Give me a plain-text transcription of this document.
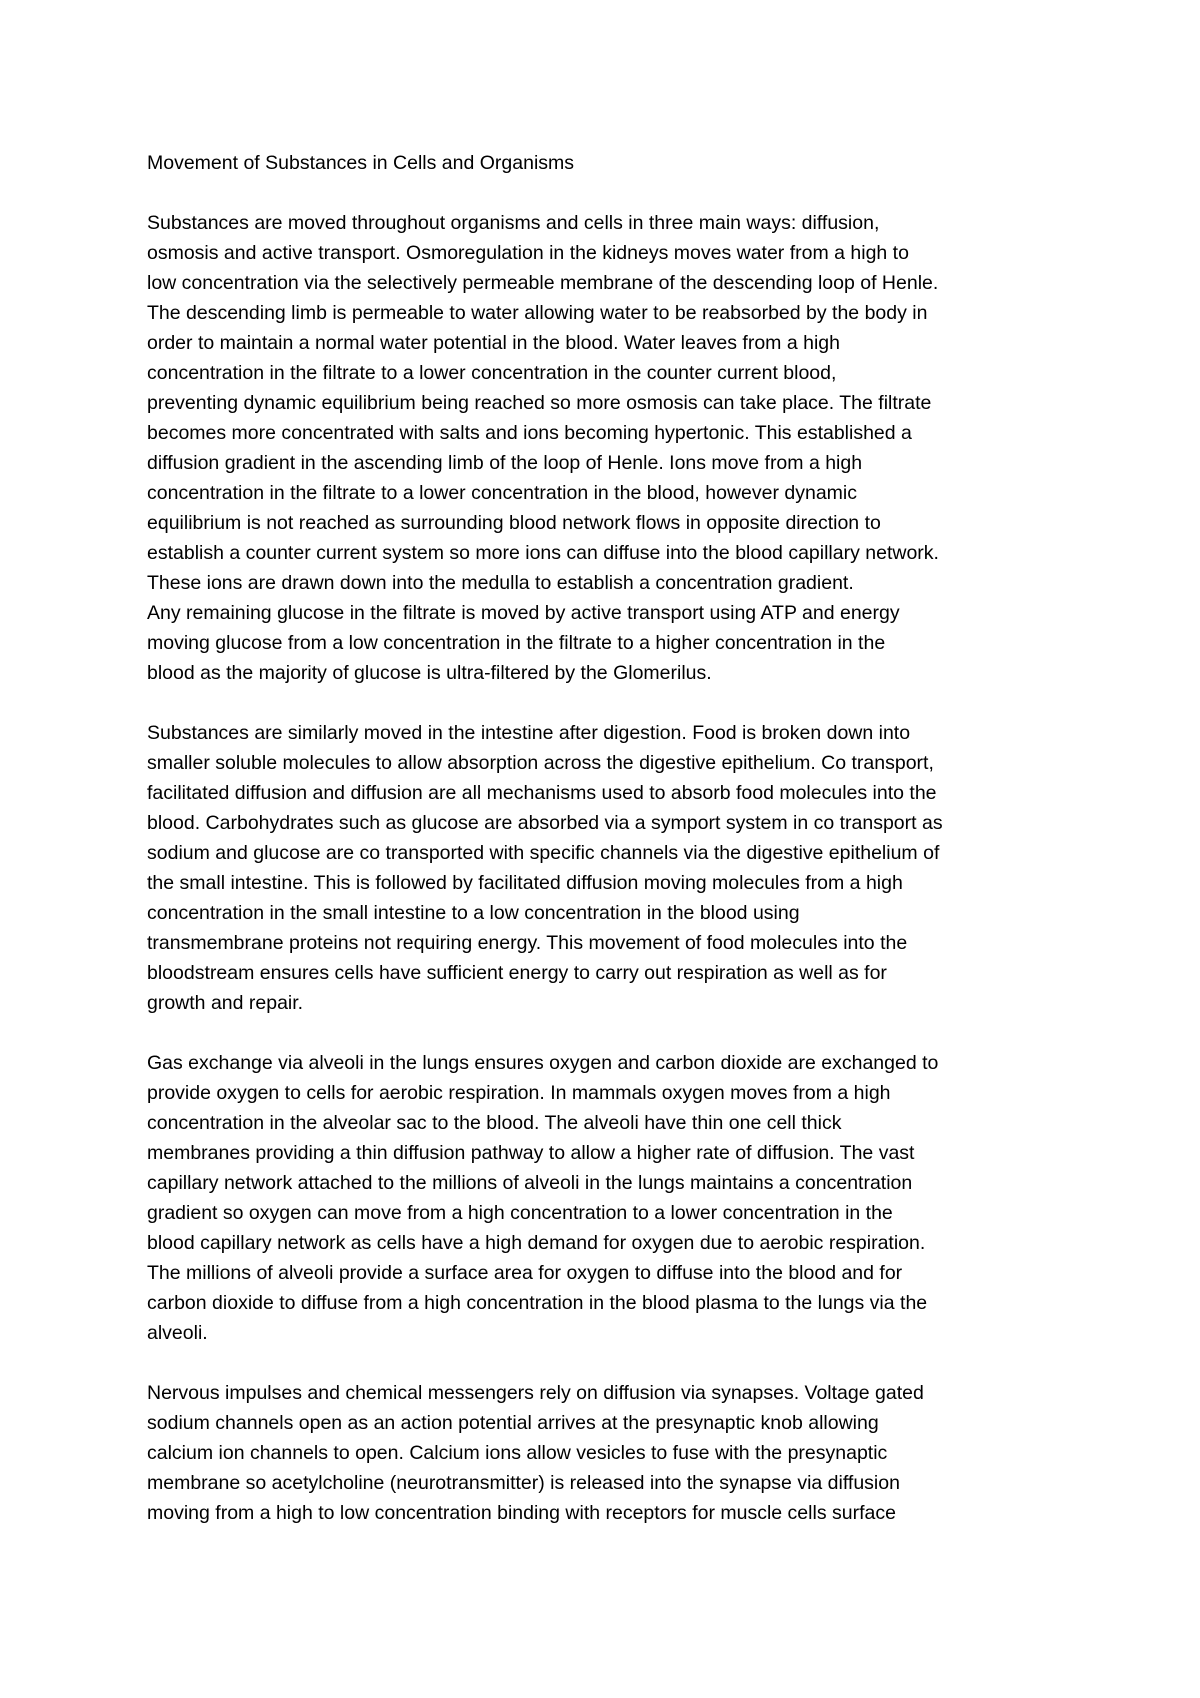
Movement of Substances in Cells and Organisms
Substances are moved throughout organisms and cells in three main ways: diffusion,
osmosis and active transport. Osmoregulation in the kidneys moves water from a high to
low concentration via the selectively permeable membrane of the descending loop of Henle.
The descending limb is permeable to water allowing water to be reabsorbed by the body in
order to maintain a normal water potential in the blood. Water leaves from a high
concentration in the filtrate to a lower concentration in the counter current blood,
preventing dynamic equilibrium being reached so more osmosis can take place. The filtrate
becomes more concentrated with salts and ions becoming hypertonic. This established a
diffusion gradient in the ascending limb of the loop of Henle. Ions move from a high
concentration in the filtrate to a lower concentration in the blood, however dynamic
equilibrium is not reached as surrounding blood network flows in opposite direction to
establish a counter current system so more ions can diffuse into the blood capillary network.
These ions are drawn down into the medulla to establish a concentration gradient.
Any remaining glucose in the filtrate is moved by active transport using ATP and energy
moving glucose from a low concentration in the filtrate to a higher concentration in the
blood as the majority of glucose is ultra-filtered by the Glomerilus.
Substances are similarly moved in the intestine after digestion. Food is broken down into
smaller soluble molecules to allow absorption across the digestive epithelium. Co transport,
facilitated diffusion and diffusion are all mechanisms used to absorb food molecules into the
blood. Carbohydrates such as glucose are absorbed via a symport system in co transport as
sodium and glucose are co transported with specific channels via the digestive epithelium of
the small intestine. This is followed by facilitated diffusion moving molecules from a high
concentration in the small intestine to a low concentration in the blood using
transmembrane proteins not requiring energy. This movement of food molecules into the
bloodstream ensures cells have sufficient energy to carry out respiration as well as for
growth and repair.
Gas exchange via alveoli in the lungs ensures oxygen and carbon dioxide are exchanged to
provide oxygen to cells for aerobic respiration. In mammals oxygen moves from a high
concentration in the alveolar sac to the blood. The alveoli have thin one cell thick
membranes providing a thin diffusion pathway to allow a higher rate of diffusion. The vast
capillary network attached to the millions of alveoli in the lungs maintains a concentration
gradient so oxygen can move from a high concentration to a lower concentration in the
blood capillary network as cells have a high demand for oxygen due to aerobic respiration.
The millions of alveoli provide a surface area for oxygen to diffuse into the blood and for
carbon dioxide to diffuse from a high concentration in the blood plasma to the lungs via the
alveoli.
Nervous impulses and chemical messengers rely on diffusion via synapses. Voltage gated
sodium channels open as an action potential arrives at the presynaptic knob allowing
calcium ion channels to open. Calcium ions allow vesicles to fuse with the presynaptic
membrane so acetylcholine (neurotransmitter) is released into the synapse via diffusion
moving from a high to low concentration binding with receptors for muscle cells surface
